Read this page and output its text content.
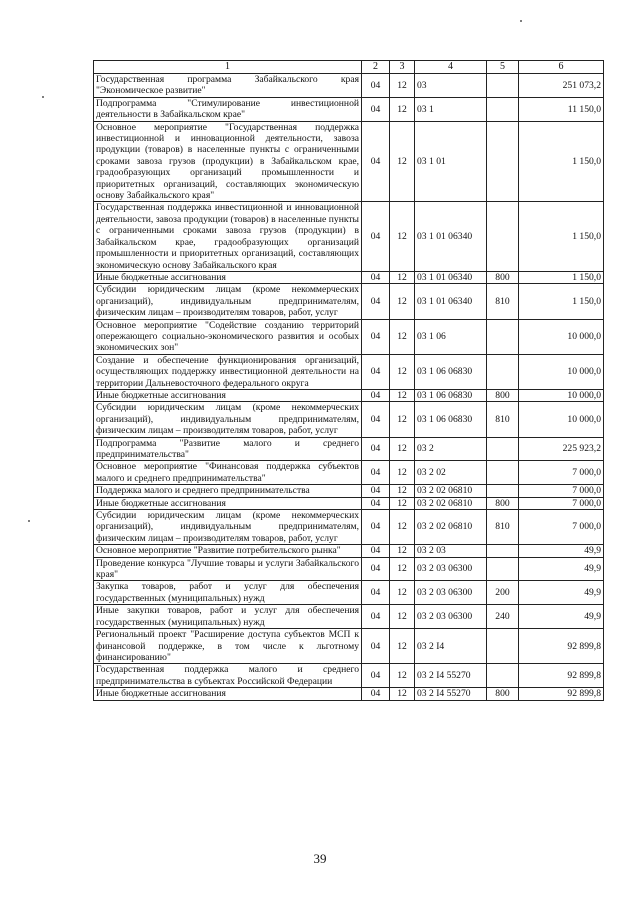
1	2	3	4	5	6
Государственная программа Забайкальского края "Экономическое развитие"	04	12	03		251 073,2
Подпрограмма "Стимулирование инвестиционной деятельности в Забайкальском крае"	04	12	03 1		11 150,0
Основное мероприятие "Государственная поддержка инвестиционной и инновационной деятельности, завоза продукции (товаров) в населенные пункты с ограниченными сроками завоза грузов (продукции) в Забайкальском крае, градообразующих организаций промышленности и приоритетных организаций, составляющих экономическую основу Забайкальского края"	04	12	03 1 01		1 150,0
Государственная поддержка инвестиционной и инновационной деятельности, завоза продукции (товаров) в населенные пункты с ограниченными сроками завоза грузов (продукции) в Забайкальском крае, градообразующих организаций промышленности и приоритетных организаций, составляющих экономическую основу Забайкальского края	04	12	03 1 01 06340		1 150,0
Иные бюджетные ассигнования	04	12	03 1 01 06340	800	1 150,0
Субсидии юридическим лицам (кроме некоммерческих организаций), индивидуальным предпринимателям, физическим лицам – производителям товаров, работ, услуг	04	12	03 1 01 06340	810	1 150,0
Основное мероприятие "Содействие созданию территорий опережающего социально-экономического развития и особых экономических зон"	04	12	03 1 06		10 000,0
Создание и обеспечение функционирования организаций, осуществляющих поддержку инвестиционной деятельности на территории Дальневосточного федерального округа	04	12	03 1 06 06830		10 000,0
Иные бюджетные ассигнования	04	12	03 1 06 06830	800	10 000,0
Субсидии юридическим лицам (кроме некоммерческих организаций), индивидуальным предпринимателям, физическим лицам – производителям товаров, работ, услуг	04	12	03 1 06 06830	810	10 000,0
Подпрограмма "Развитие малого и среднего предпринимательства"	04	12	03 2		225 923,2
Основное мероприятие "Финансовая поддержка субъектов малого и среднего предпринимательства"	04	12	03 2 02		7 000,0
Поддержка малого и среднего предпринимательства	04	12	03 2 02 06810		7 000,0
Иные бюджетные ассигнования	04	12	03 2 02 06810	800	7 000,0
Субсидии юридическим лицам (кроме некоммерческих организаций), индивидуальным предпринимателям, физическим лицам – производителям товаров, работ, услуг	04	12	03 2 02 06810	810	7 000,0
Основное мероприятие "Развитие потребительского рынка"	04	12	03 2 03		49,9
Проведение конкурса "Лучшие товары и услуги Забайкальского края"	04	12	03 2 03 06300		49,9
Закупка товаров, работ и услуг для обеспечения государственных (муниципальных) нужд	04	12	03 2 03 06300	200	49,9
Иные закупки товаров, работ и услуг для обеспечения государственных (муниципальных) нужд	04	12	03 2 03 06300	240	49,9
Региональный проект "Расширение доступа субъектов МСП к финансовой поддержке, в том числе к льготному финансированию"	04	12	03 2 I4		92 899,8
Государственная поддержка малого и среднего предпринимательства в субъектах Российской Федерации	04	12	03 2 I4 55270		92 899,8
Иные бюджетные ассигнования	04	12	03 2 I4 55270	800	92 899,8
39
